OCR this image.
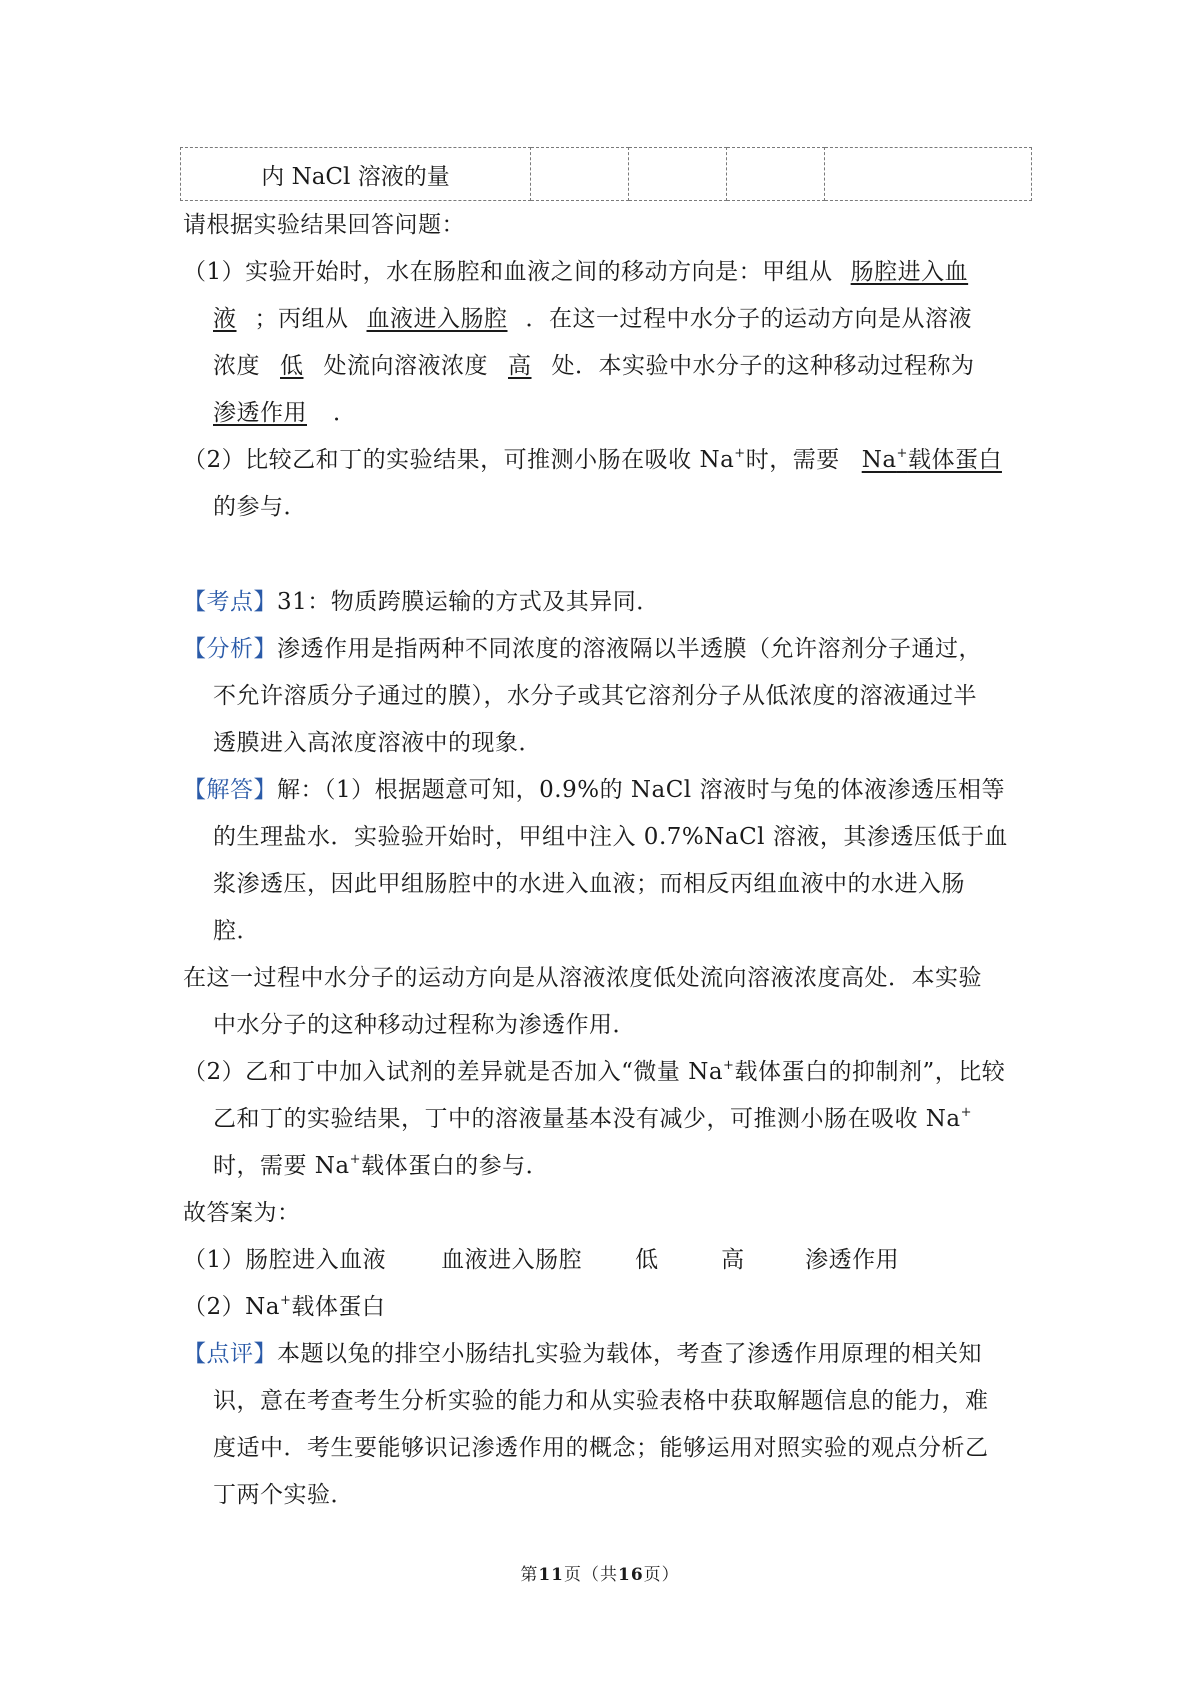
内 NaCl 溶液的量				
请根据实验结果回答问题：
（1）实验开始时，水在肠腔和血液之间的移动方向是：甲组从 肠腔进入血
液 ；丙组从 血液进入肠腔 ．在这一过程中水分子的运动方向是从溶液
浓度 低 处流向溶液浓度 高 处．本实验中水分子的这种移动过程称为
渗透作用 ．
（2）比较乙和丁的实验结果，可推测小肠在吸收 Na+时，需要 Na+载体蛋白
的参与．
【考点】31：物质跨膜运输的方式及其异同．
【分析】渗透作用是指两种不同浓度的溶液隔以半透膜（允许溶剂分子通过，
不允许溶质分子通过的膜），水分子或其它溶剂分子从低浓度的溶液通过半
透膜进入高浓度溶液中的现象．
【解答】解：（1）根据题意可知，0.9%的 NaCl 溶液时与兔的体液渗透压相等
的生理盐水．实验验开始时，甲组中注入 0.7%NaCl 溶液，其渗透压低于血
浆渗透压，因此甲组肠腔中的水进入血液；而相反丙组血液中的水进入肠
腔．
在这一过程中水分子的运动方向是从溶液浓度低处流向溶液浓度高处．本实验
中水分子的这种移动过程称为渗透作用．
（2）乙和丁中加入试剂的差异就是否加入“微量 Na+载体蛋白的抑制剂”，比较
乙和丁的实验结果，丁中的溶液量基本没有减少，可推测小肠在吸收 Na+
时，需要 Na+载体蛋白的参与．
故答案为：
（1）肠腔进入血液 血液进入肠腔 低	高	渗透作用
（2）Na+载体蛋白
【点评】本题以兔的排空小肠结扎实验为载体，考查了渗透作用原理的相关知
识，意在考查考生分析实验的能力和从实验表格中获取解题信息的能力，难
度适中．考生要能够识记渗透作用的概念；能够运用对照实验的观点分析乙
丁两个实验．
第11页（共16页）
